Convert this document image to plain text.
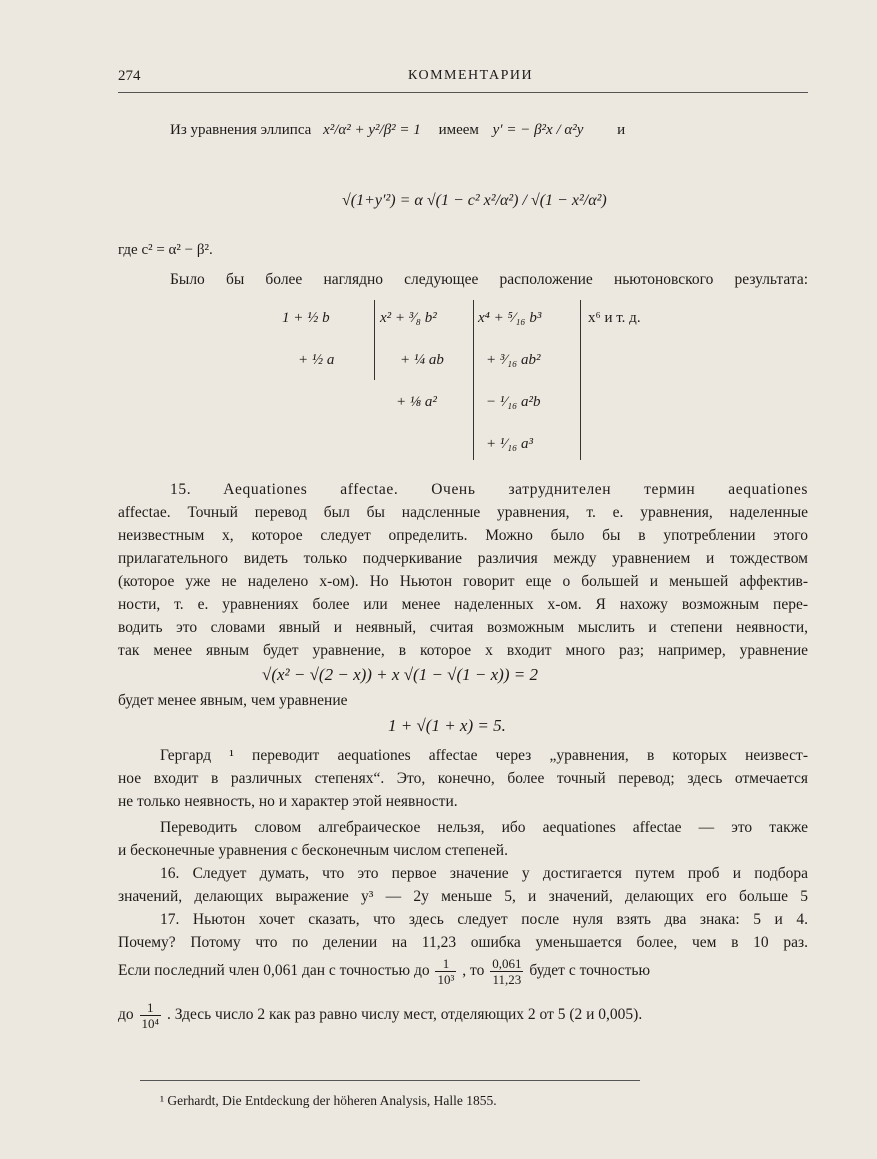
274	КОММЕНТАРИИ
Из уравнения эллипса x²/α² + y²/β² = 1 имеем y′ = − β²x / α²y и
√(1+y′²) = α √(1 − c² x²/α²) / √(1 − x²/α²)
где c² = α² − β².
Было бы более наглядно следующее расположение ньютоновского результата:
1 + ½ b
+ ½ a
x² + ³⁄₈ b²
+ ¼ ab
+ ⅛ a²
x⁴ + ⁵⁄₁₆ b³
+ ³⁄₁₆ ab²
− ¹⁄₁₆ a²b
+ ¹⁄₁₆ a³
x⁶ и т. д.
15. Aequationes affectae. Очень затруднителен термин aequationes
affectae. Точный перевод был бы надсленные уравнения, т. е. уравнения, наделенные
неизвестным x, которое следует определить. Можно было бы в употреблении этого
прилагательного видеть только подчеркивание различия между уравнением и тождеством
(которое уже не наделено x-ом). Но Ньютон говорит еще о большей и меньшей аффектив-
ности, т. е. уравнениях более или менее наделенных x-ом. Я нахожу возможным пере-
водить это словами явный и неявный, считая возможным мыслить и степени неявности,
так менее явным будет уравнение, в которое x входит много раз; например, уравнение
√(x² − √(2 − x)) + x √(1 − √(1 − x)) = 2
будет менее явным, чем уравнение
1 + √(1 + x) = 5.
Гергард ¹ переводит aequationes affectae через „уравнения, в которых неизвест-
ное входит в различных степенях“. Это, конечно, более точный перевод; здесь отмечается
не только неявность, но и характер этой неявности.
Переводить словом алгебраическое нельзя, ибо aequationes affectae — это также
и бесконечные уравнения с бесконечным числом степеней.
16. Следует думать, что это первое значение y достигается путем проб и подбора
значений, делающих выражение y³ — 2y меньше 5, и значений, делающих его больше 5
17. Ньютон хочет сказать, что здесь следует после нуля взять два знака: 5 и 4.
Почему? Потому что по делении на 11,23 ошибка уменьшается более, чем в 10 раз.
Если последний член 0,061 дан с точностью до $\frac{1}{\text{10³}}$ , то $\frac{0,061}{11,23}$ будет с точностью
до $\frac{1}{\text{10⁴}}$ . Здесь число 2 как раз равно числу мест, отделяющих 2 от 5 (2 и 0,005).
¹ Gerhardt, Die Entdeckung der höheren Analysis, Halle 1855.
